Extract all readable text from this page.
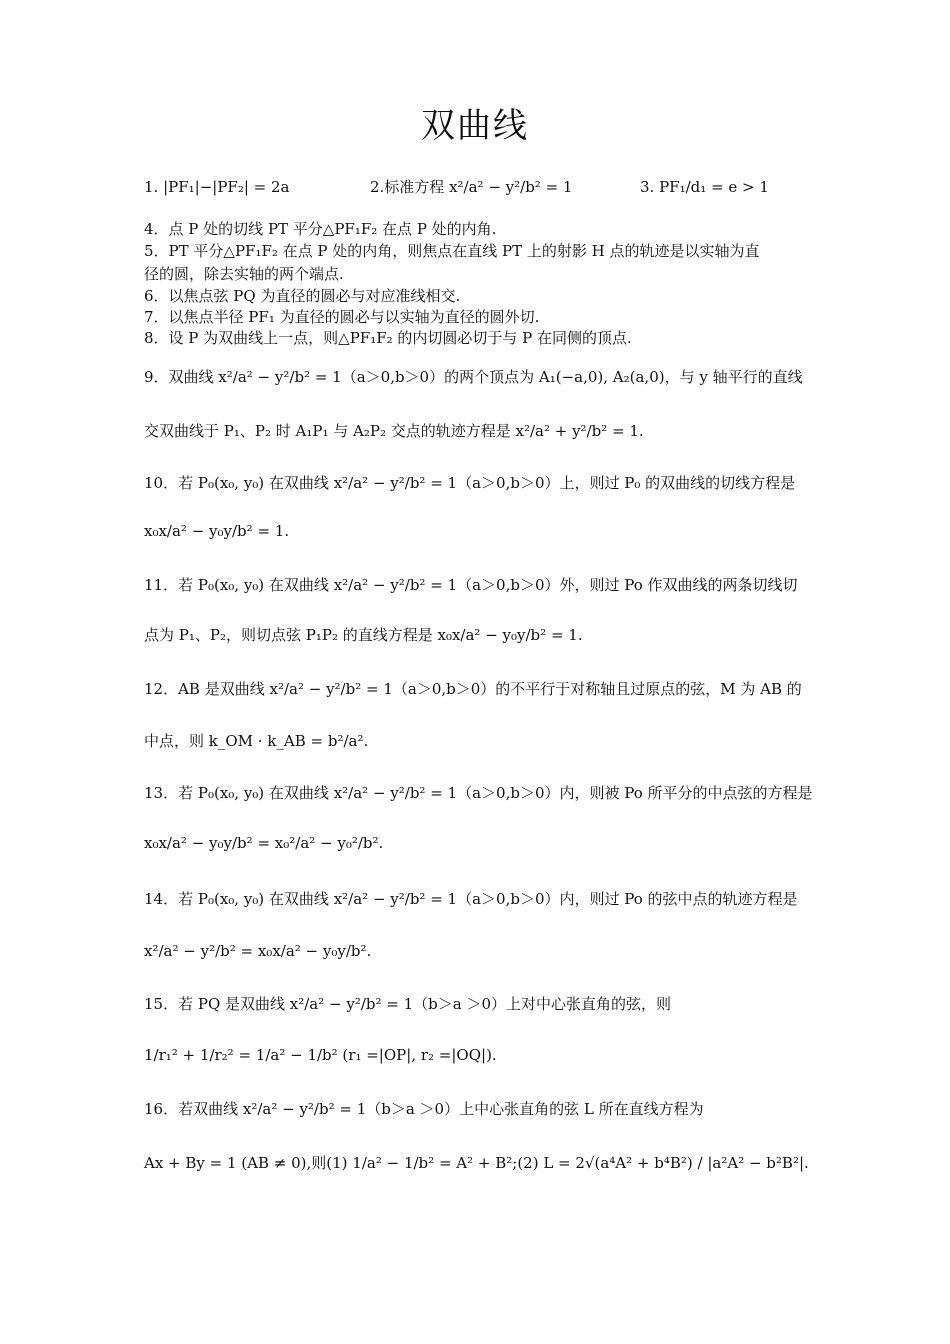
双曲线
1. |PF₁|−|PF₂| = 2a	2.标准方程 x²/a² − y²/b² = 1	3. PF₁/d₁ = e > 1
4．点 P 处的切线 PT 平分△PF₁F₂ 在点 P 处的内角.
5．PT 平分△PF₁F₂ 在点 P 处的内角，则焦点在直线 PT 上的射影 H 点的轨迹是以实轴为直
径的圆，除去实轴的两个端点.
6．以焦点弦 PQ 为直径的圆必与对应准线相交.
7．以焦点半径 PF₁ 为直径的圆必与以实轴为直径的圆外切.
8．设 P 为双曲线上一点，则△PF₁F₂ 的内切圆必切于与 P 在同侧的顶点.
9．双曲线 x²/a² − y²/b² = 1（a＞0,b＞0）的两个顶点为 A₁(−a,0), A₂(a,0)，与 y 轴平行的直线
交双曲线于 P₁、P₂ 时 A₁P₁ 与 A₂P₂ 交点的轨迹方程是 x²/a² + y²/b² = 1.
10．若 P₀(x₀, y₀) 在双曲线 x²/a² − y²/b² = 1（a＞0,b＞0）上，则过 P₀ 的双曲线的切线方程是
x₀x/a² − y₀y/b² = 1.
11．若 P₀(x₀, y₀) 在双曲线 x²/a² − y²/b² = 1（a＞0,b＞0）外，则过 Po 作双曲线的两条切线切
点为 P₁、P₂，则切点弦 P₁P₂ 的直线方程是 x₀x/a² − y₀y/b² = 1.
12．AB 是双曲线 x²/a² − y²/b² = 1（a＞0,b＞0）的不平行于对称轴且过原点的弦，M 为 AB 的
中点，则 k_OM · k_AB = b²/a².
13．若 P₀(x₀, y₀) 在双曲线 x²/a² − y²/b² = 1（a＞0,b＞0）内，则被 Po 所平分的中点弦的方程是
x₀x/a² − y₀y/b² = x₀²/a² − y₀²/b².
14．若 P₀(x₀, y₀) 在双曲线 x²/a² − y²/b² = 1（a＞0,b＞0）内，则过 Po 的弦中点的轨迹方程是
x²/a² − y²/b² = x₀x/a² − y₀y/b².
15．若 PQ 是双曲线 x²/a² − y²/b² = 1（b＞a ＞0）上对中心张直角的弦，则
1/r₁² + 1/r₂² = 1/a² − 1/b² (r₁ =|OP|, r₂ =|OQ|).
16．若双曲线 x²/a² − y²/b² = 1（b＞a ＞0）上中心张直角的弦 L 所在直线方程为
Ax + By = 1 (AB ≠ 0),则(1) 1/a² − 1/b² = A² + B²;(2) L = 2√(a⁴A² + b⁴B²) / |a²A² − b²B²|.
